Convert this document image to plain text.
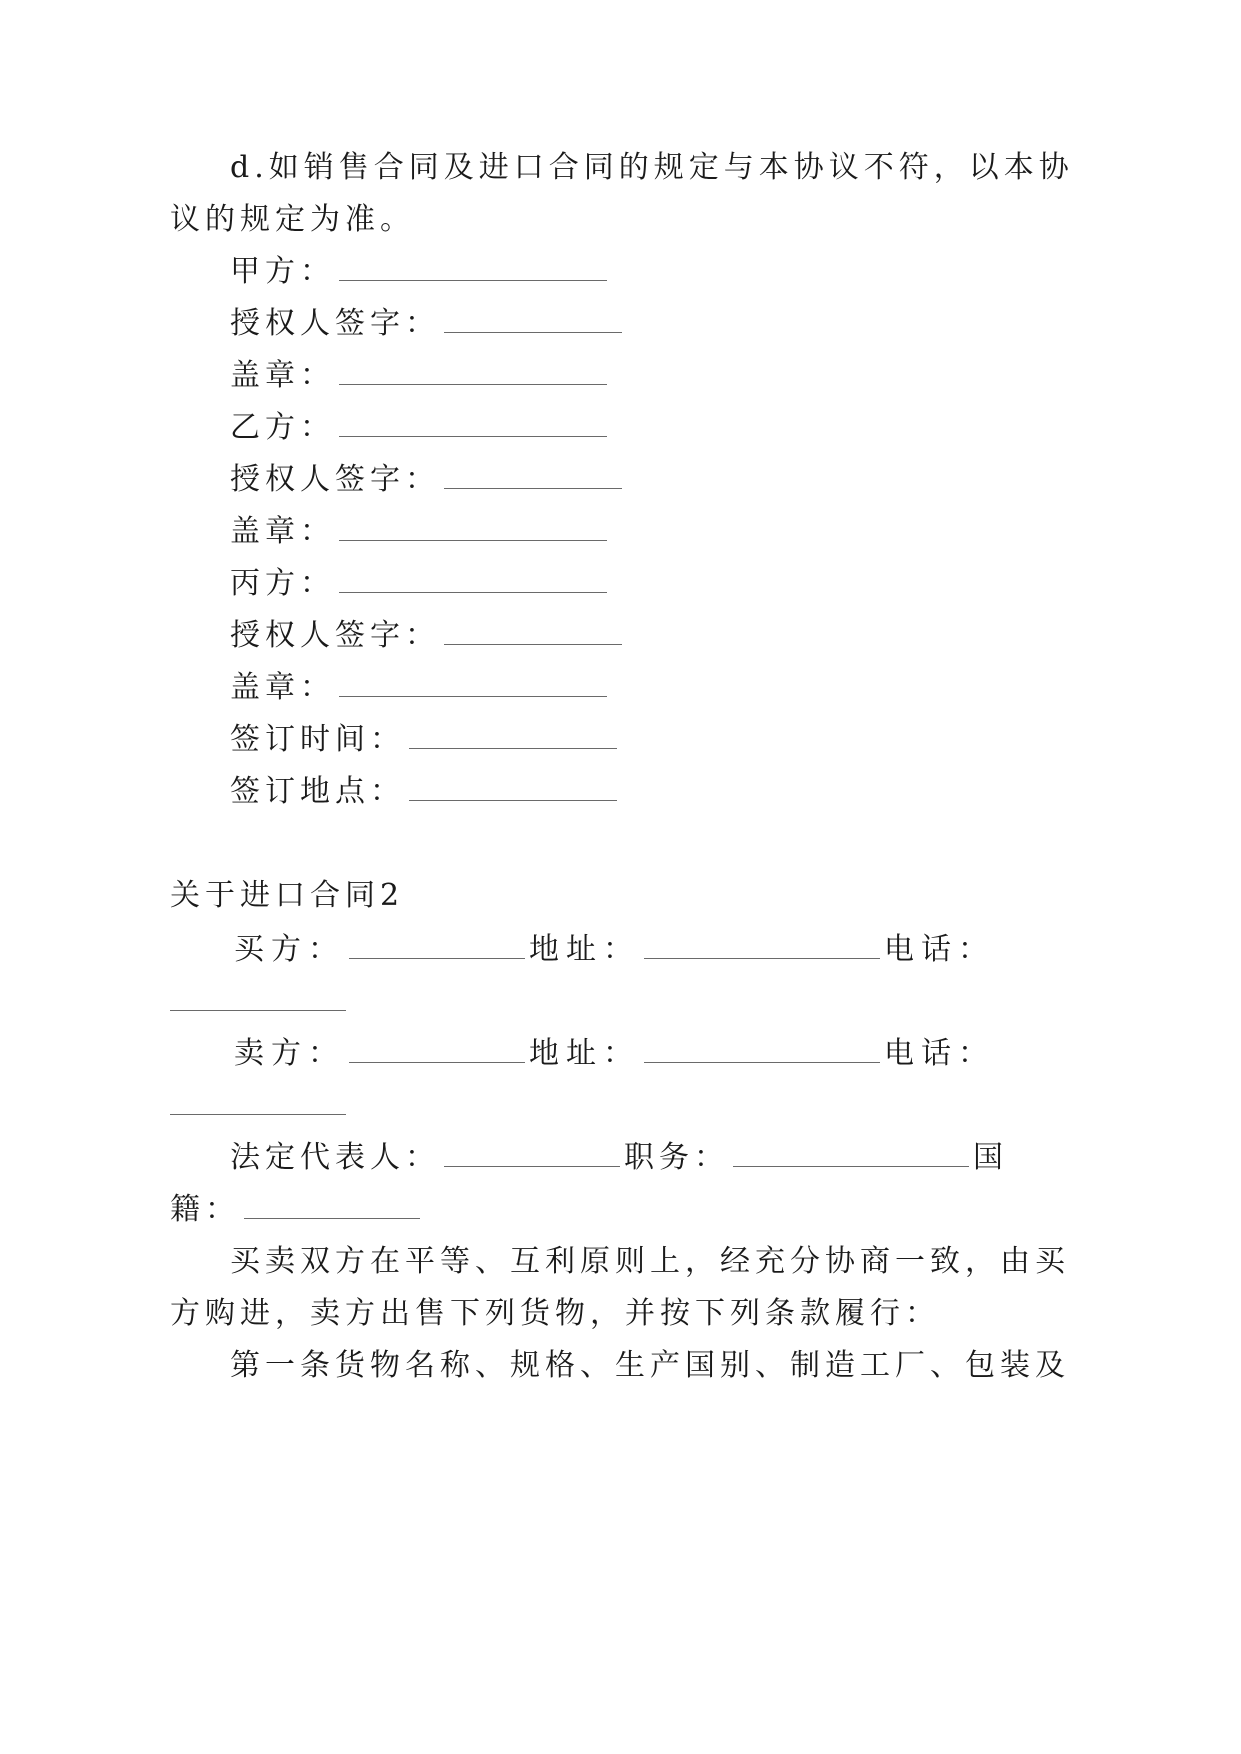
d.如销售合同及进口合同的规定与本协议不符，以本协
议的规定为准。
甲方：
授权人签字：
盖章：
乙方：
授权人签字：
盖章：
丙方：
授权人签字：
盖章：
签订时间：
签订地点：
关于进口合同2
买方：	地址：	电话：
卖方：	地址：	电话：
法定代表人：	职务：	国
籍：
买卖双方在平等、互利原则上，经充分协商一致，由买
方购进，卖方出售下列货物，并按下列条款履行：
第一条货物名称、规格、生产国别、制造工厂、包装及
